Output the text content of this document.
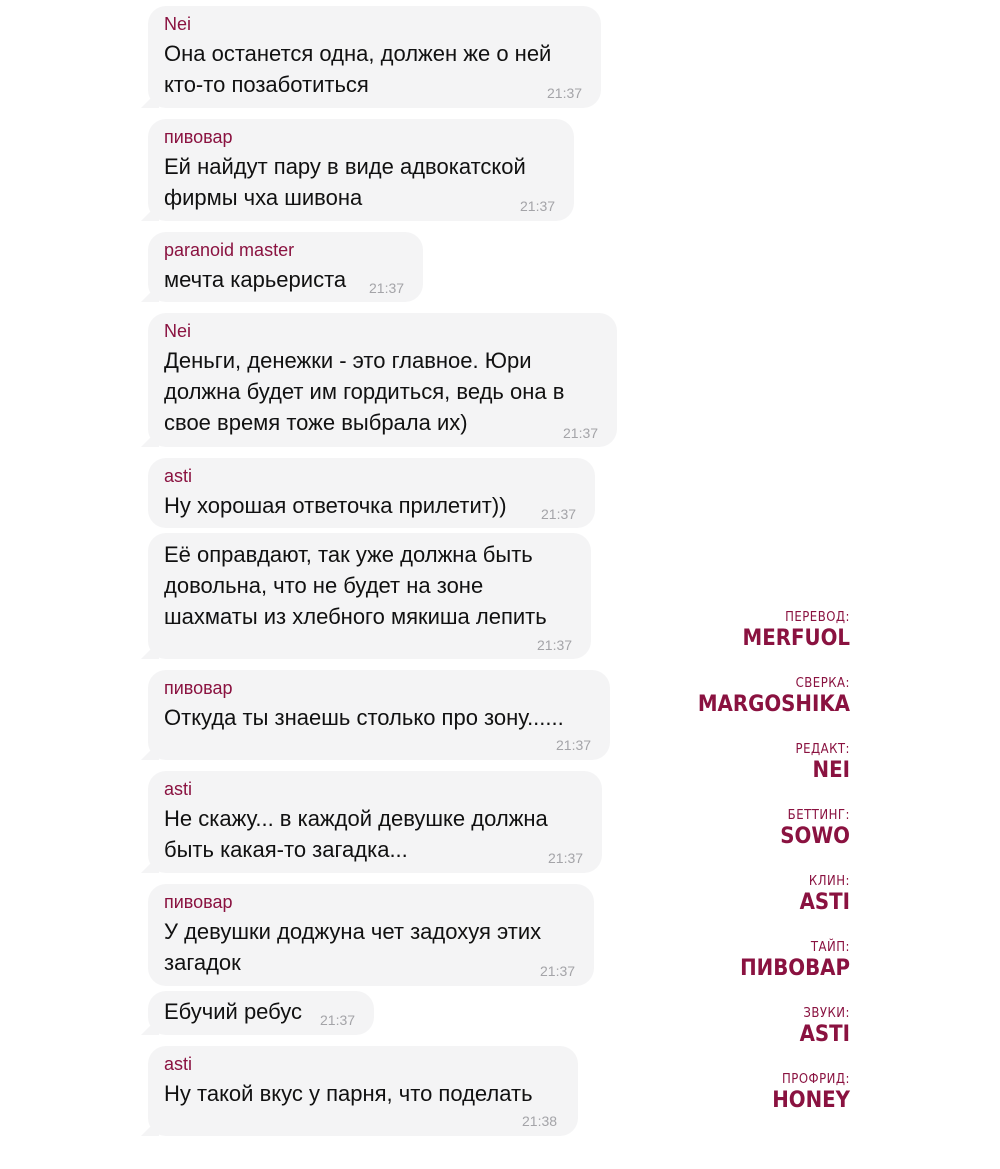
Nei
Она останется одна, должен же о ней
кто-то позаботиться	21:37
пивовар
Ей найдут пару в виде адвокатской
фирмы чха шивона	21:37
paranoid master
мечта карьериста 21:37
Nei
Деньги, денежки - это главное. Юри
должна будет им гордиться, ведь она в
свое время тоже выбрала их)	21:37
asti
Ну хорошая ответочка прилетит)) 21:37
Её оправдают, так уже должна быть
довольна, что не будет на зоне
шахматы из хлебного мякиша лепить
21:37
пивовар
Откуда ты знаешь столько про зону......
21:37
asti
Не скажу... в каждой девушке должна
быть какая-то загадка...	21:37
пивовар
У девушки доджуна чет задохуя этих
загадок	21:37
Ебучий ребус 21:37
asti
Ну такой вкус у парня, что поделать
21:38
ПЕРЕВОД:
MERFUOL
СВЕРКА:
MARGOSHIKA
РЕДАКТ:
NEI
БЕТТИНГ:
SOWO
КЛИН:
ASTI
ТАЙП:
ПИВОВАР
ЗВУКИ:
ASTI
ПРОФРИД:
HONEY
